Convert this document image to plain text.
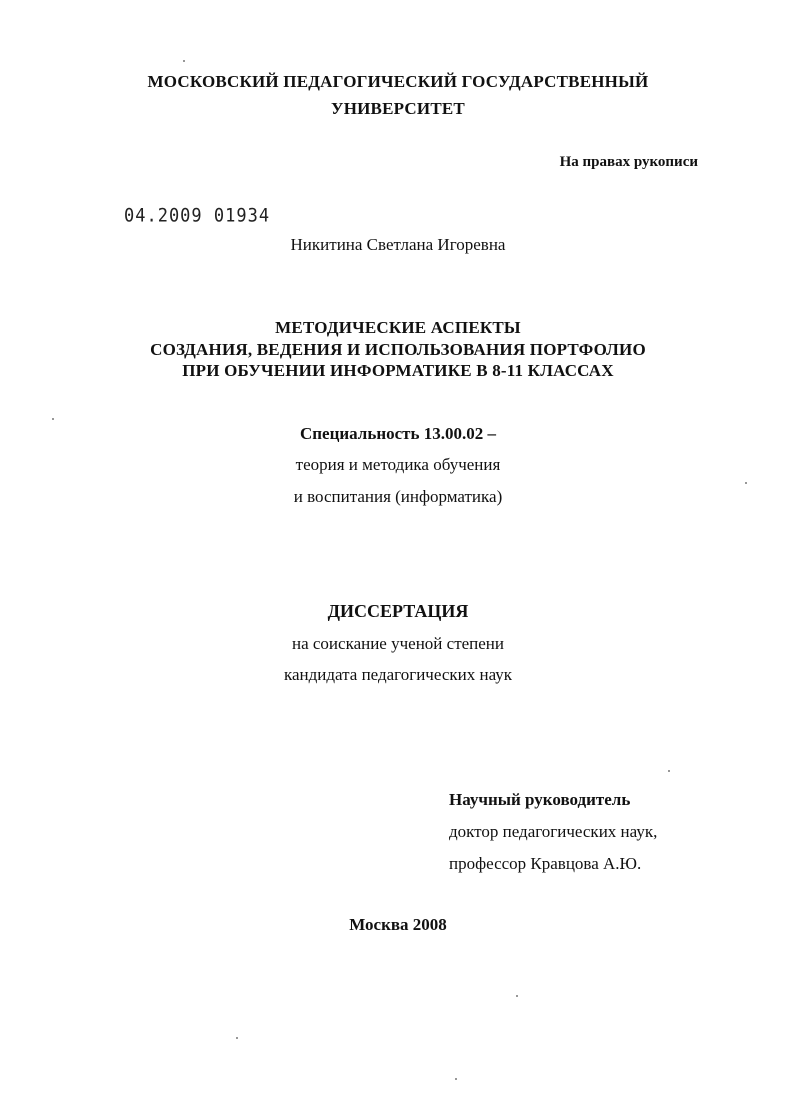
МОСКОВСКИЙ ПЕДАГОГИЧЕСКИЙ ГОСУДАРСТВЕННЫЙ
УНИВЕРСИТЕТ
На правах рукописи
04.2009 01934
Никитина Светлана Игоревна
МЕТОДИЧЕСКИЕ АСПЕКТЫ
СОЗДАНИЯ, ВЕДЕНИЯ И ИСПОЛЬЗОВАНИЯ ПОРТФОЛИО
ПРИ ОБУЧЕНИИ ИНФОРМАТИКЕ В 8-11 КЛАССАХ
Специальность 13.00.02 –
теория и методика обучения
и воспитания (информатика)
ДИССЕРТАЦИЯ
на соискание ученой степени
кандидата педагогических наук
Научный руководитель
доктор педагогических наук,
профессор Кравцова А.Ю.
Москва 2008
